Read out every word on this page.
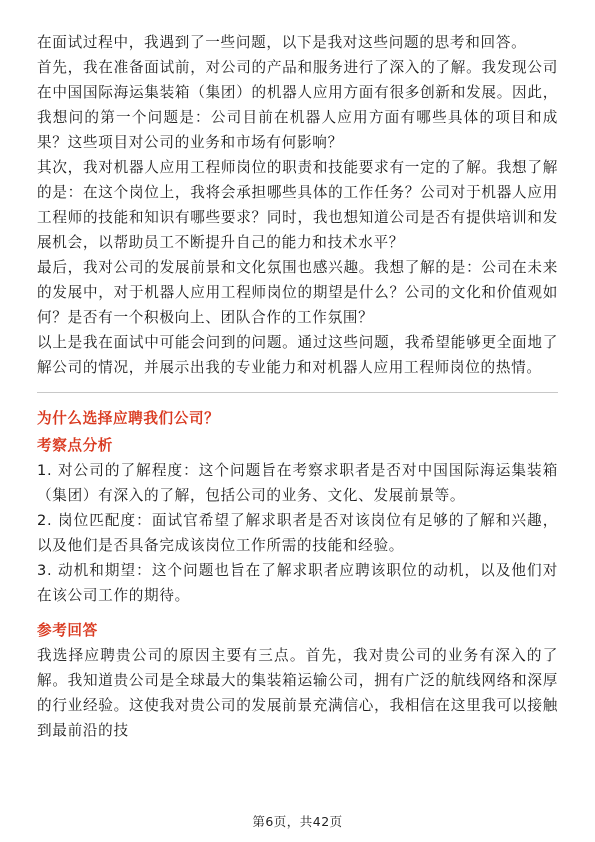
在面试过程中，我遇到了一些问题，以下是我对这些问题的思考和回答。

首先，我在准备面试前，对公司的产品和服务进行了深入的了解。我发现公司在中国国际海运集装箱（集团）的机器人应用方面有很多创新和发展。因此，我想问的第一个问题是：公司目前在机器人应用方面有哪些具体的项目和成果？这些项目对公司的业务和市场有何影响？

其次，我对机器人应用工程师岗位的职责和技能要求有一定的了解。我想了解的是：在这个岗位上，我将会承担哪些具体的工作任务？公司对于机器人应用工程师的技能和知识有哪些要求？同时，我也想知道公司是否有提供培训和发展机会，以帮助员工不断提升自己的能力和技术水平？

最后，我对公司的发展前景和文化氛围也感兴趣。我想了解的是：公司在未来的发展中，对于机器人应用工程师岗位的期望是什么？公司的文化和价值观如何？是否有一个积极向上、团队合作的工作氛围？

以上是我在面试中可能会问到的问题。通过这些问题，我希望能够更全面地了解公司的情况，并展示出我的专业能力和对机器人应用工程师岗位的热情。

为什么选择应聘我们公司？
考察点分析

1. 对公司的了解程度：这个问题旨在考察求职者是否对中国国际海运集装箱（集团）有深入的了解，包括公司的业务、文化、发展前景等。

2. 岗位匹配度：面试官希望了解求职者是否对该岗位有足够的了解和兴趣，以及他们是否具备完成该岗位工作所需的技能和经验。

3. 动机和期望：这个问题也旨在了解求职者应聘该职位的动机，以及他们对在该公司工作的期待。

参考回答

我选择应聘贵公司的原因主要有三点。首先，我对贵公司的业务有深入的了解。我知道贵公司是全球最大的集装箱运输公司，拥有广泛的航线网络和深厚的行业经验。这使我对贵公司的发展前景充满信心，我相信在这里我可以接触到最前沿的技

第6页，共42页
